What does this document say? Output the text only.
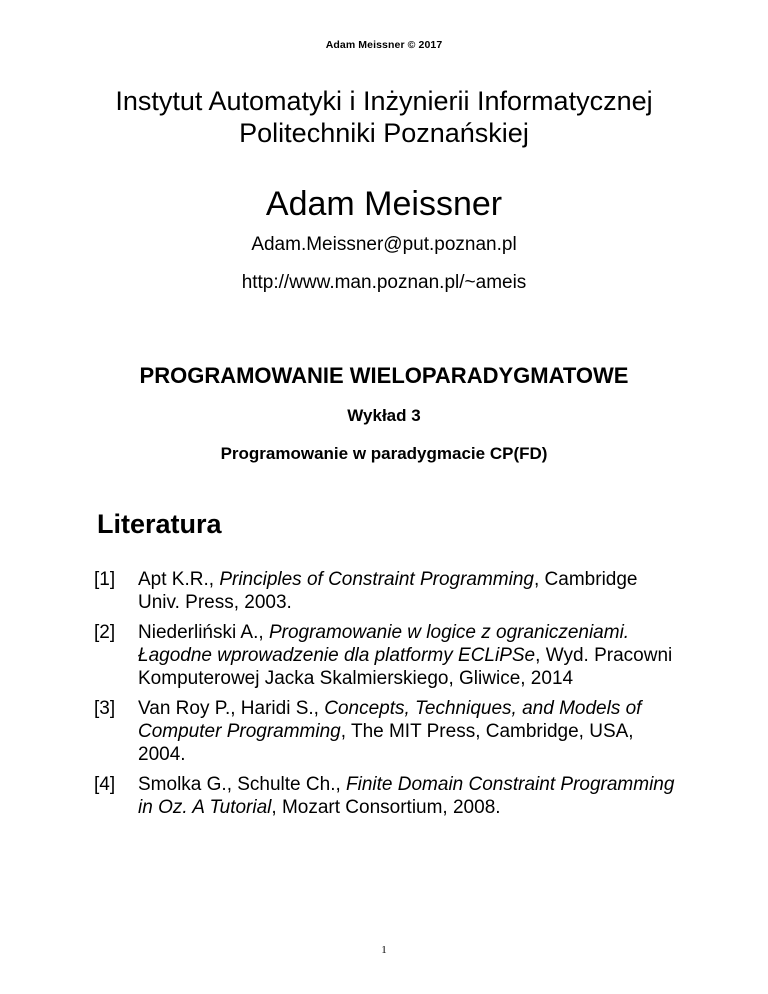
Adam Meissner © 2017
Instytut Automatyki i Inżynierii Informatycznej
Politechniki Poznańskiej
Adam Meissner
Adam.Meissner@put.poznan.pl
http://www.man.poznan.pl/~ameis
PROGRAMOWANIE WIELOPARADYGMATOWE
Wykład 3
Programowanie w paradygmacie CP(FD)
Literatura
[1]	Apt K.R., Principles of Constraint Programming, Cambridge Univ. Press, 2003.
[2]	Niederliński A., Programowanie w logice z ograniczeniami. Łagodne wprowadzenie dla platformy ECLiPSe, Wyd. Pracowni Komputerowej Jacka Skalmierskiego, Gliwice, 2014
[3]	Van Roy P., Haridi S., Concepts, Techniques, and Models of Computer Programming, The MIT Press, Cambridge, USA, 2004.
[4]	Smolka G., Schulte Ch., Finite Domain Constraint Programming in Oz. A Tutorial, Mozart Consortium, 2008.
1
